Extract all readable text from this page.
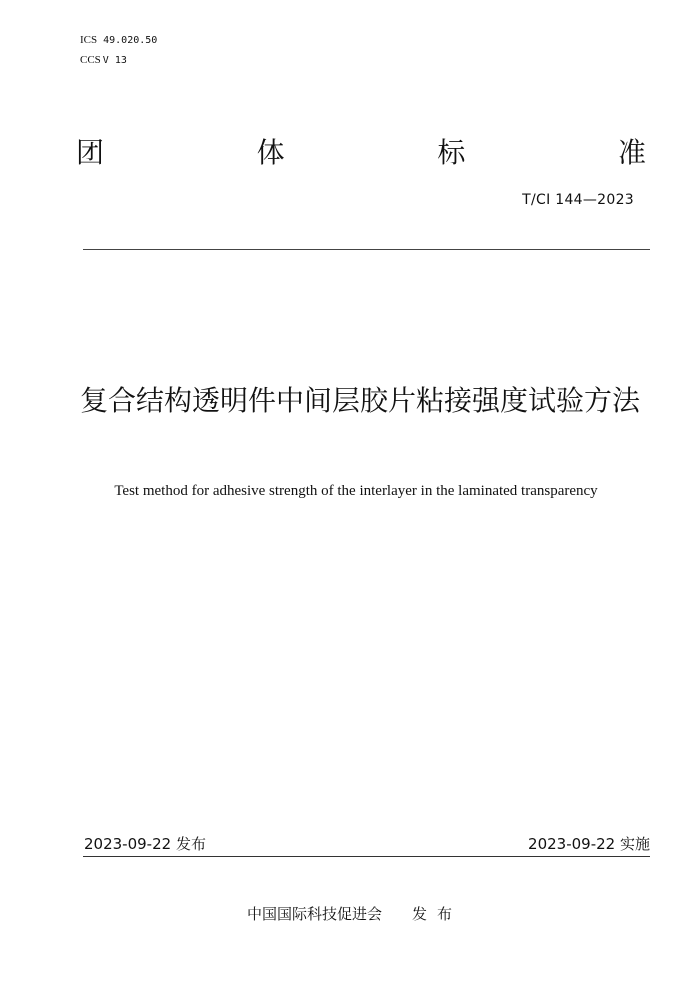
ICS 49.020.50
CCS V 13
团	体	标	准
T/CI 144—2023
复合结构透明件中间层胶片粘接强度试验方法
Test method for adhesive strength of the interlayer in the laminated transparency
2023-09-22 发布	2023-09-22 实施
中国国际科技促进会 发布
